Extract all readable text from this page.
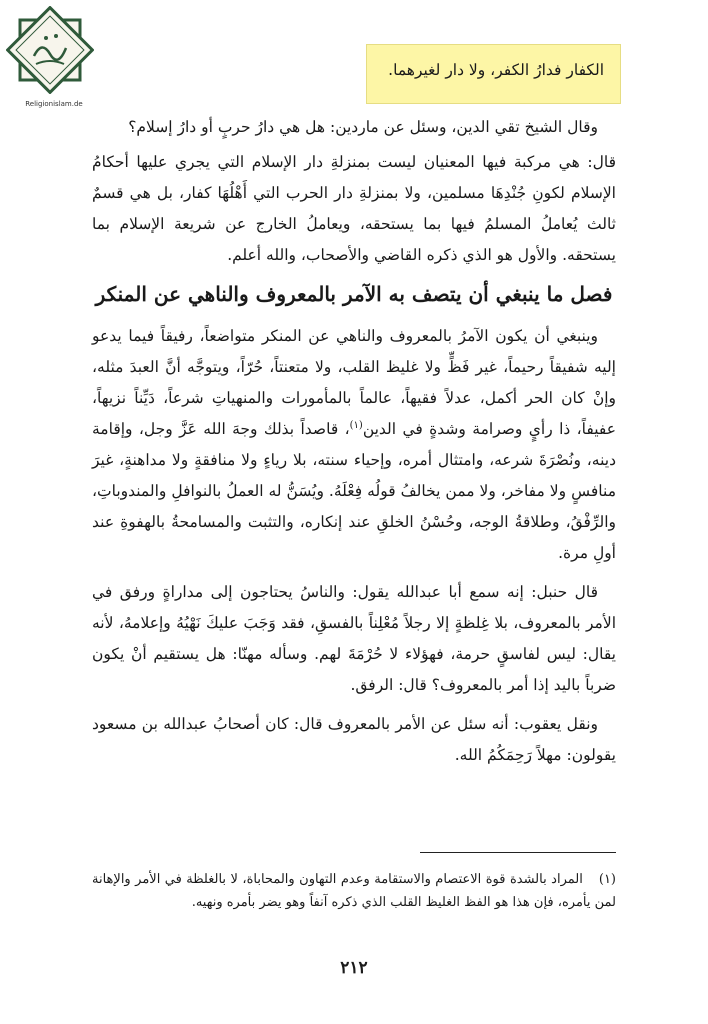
Religionislam.de
الكفار فدارُ الكفر، ولا دار لغيرهما.

وقال الشيخ تقي الدين، وسئل عن ماردين: هل هي دارُ حربٍ أو دارُ إسلام؟

قال: هي مركبة فيها المعنيان ليست بمنزلةِ دار الإسلام التي يجري عليها أحكامُ الإسلام لكونِ جُنْدِهَا مسلمين، ولا بمنزلةِ دار الحرب التي أَهْلُهَا كفار، بل هي قسمٌ ثالث يُعاملُ المسلمُ فيها بما يستحقه، ويعاملُ الخارج عن شريعة الإسلام بما يستحقه. والأول هو الذي ذكره القاضي والأصحاب، والله أعلم.

فصل ما ينبغي أن يتصف به الآمر بالمعروف والناهي عن المنكر

وينبغي أن يكون الآمرُ بالمعروف والناهي عن المنكر متواضعاً، رفيقاً فيما يدعو إليه شفيقاً رحيماً، غير فَظٍّ ولا غليظ القلب، ولا متعنتاً، حُرّاً، ويتوجَّه أنَّ العبدَ مثله، وإنْ كان الحر أكمل، عدلاً فقيهاً، عالماً بالمأمورات والمنهياتِ شرعاً، دَيِّناً نزيهاً، عفيفاً، ذا رأيٍ وصرامة وشدةٍ في الدين$^{(١)}$، قاصداً بذلك وجهَ الله عَزَّ وجل، وإقامة دينه، ونُصْرَةَ شرعه، وامتثال أمره، وإحياء سنته، بلا رياءٍ ولا منافقةٍ ولا مداهنةٍ، غيرَ منافسٍ ولا مفاخر، ولا ممن يخالفُ قولُه فِعْلَهُ. ويُسَنُّ له العملُ بالنوافلِ والمندوباتِ، والرِّفْقُ، وطلاقةُ الوجه، وحُسْنُ الخلقِ عند إنكاره، والتثبت والمسامحةُ بالهفوةِ عند أولِ مرة.

قال حنبل: إنه سمع أبا عبدالله يقول: والناسُ يحتاجون إلى مداراةٍ ورفق في الأمر بالمعروف، بلا غِلظةٍ إلا رجلاً مُعْلِناً بالفسقِ، فقد وَجَبَ عليكَ نَهْيُهُ وإعلامهُ، لأنه يقال: ليس لفاسقٍ حرمة، فهؤلاء لا حُرْمَةَ لهم. وسأله مهنّا: هل يستقيم أنْ يكون ضرباً باليد إذا أمر بالمعروف؟ قال: الرفق.

ونقل يعقوب: أنه سئل عن الأمر بالمعروف قال: كان أصحابُ عبدالله بن مسعود يقولون: مهلاً رَحِمَكُمُ الله.

(١)المراد بالشدة قوة الاعتصام والاستقامة وعدم التهاون والمحاباة، لا بالغلظة في الأمر والإهانة لمن يأمره، فإن هذا هو الفظ الغليظ القلب الذي ذكره آنفاً وهو يضر بأمره ونهيه.
٢١٢
